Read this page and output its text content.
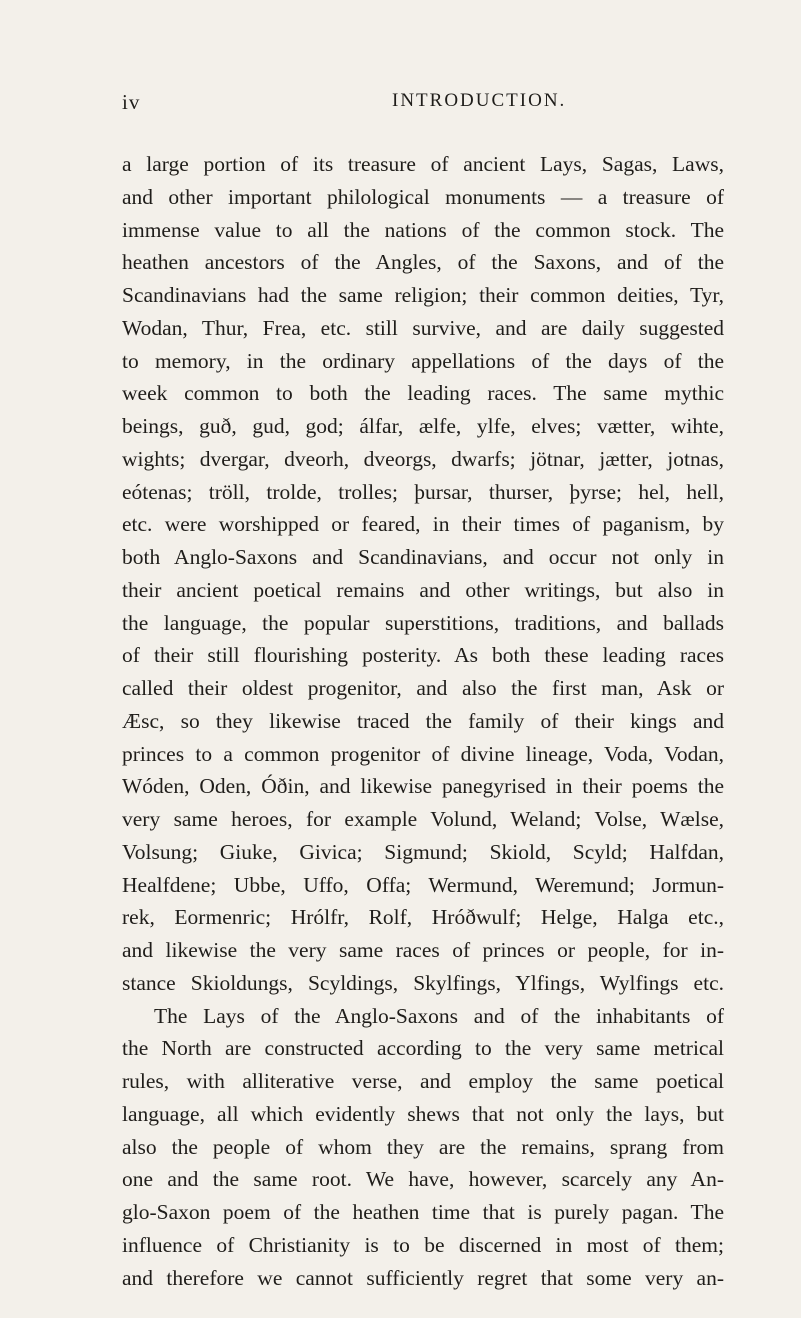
iv	INTRODUCTION.
a large portion of its treasure of ancient Lays, Sagas, Laws,
and other important philological monuments — a treasure of
immense value to all the nations of the common stock. The
heathen ancestors of the Angles, of the Saxons, and of the
Scandinavians had the same religion; their common deities, Tyr,
Wodan, Thur, Frea, etc. still survive, and are daily suggested
to memory, in the ordinary appellations of the days of the
week common to both the leading races. The same mythic
beings, guð, gud, god; álfar, ælfe, ylfe, elves; vætter, wihte,
wights; dvergar, dveorh, dveorgs, dwarfs; jötnar, jætter, jotnas,
eótenas; tröll, trolde, trolles; þursar, thurser, þyrse; hel, hell,
etc. were worshipped or feared, in their times of paganism, by
both Anglo-Saxons and Scandinavians, and occur not only in
their ancient poetical remains and other writings, but also in
the language, the popular superstitions, traditions, and ballads
of their still flourishing posterity. As both these leading races
called their oldest progenitor, and also the first man, Ask or
Æsc, so they likewise traced the family of their kings and
princes to a common progenitor of divine lineage, Voda, Vodan,
Wóden, Oden, Óðin, and likewise panegyrised in their poems the
very same heroes, for example Volund, Weland; Volse, Wælse,
Volsung; Giuke, Givica; Sigmund; Skiold, Scyld; Halfdan,
Healfdene; Ubbe, Uffo, Offa; Wermund, Weremund; Jormun-
rek, Eormenric; Hrólfr, Rolf, Hróðwulf; Helge, Halga etc.,
and likewise the very same races of princes or people, for in-
stance Skioldungs, Scyldings, Skylfings, Ylfings, Wylfings etc.
The Lays of the Anglo-Saxons and of the inhabitants of
the North are constructed according to the very same metrical
rules, with alliterative verse, and employ the same poetical
language, all which evidently shews that not only the lays, but
also the people of whom they are the remains, sprang from
one and the same root. We have, however, scarcely any An-
glo-Saxon poem of the heathen time that is purely pagan. The
influence of Christianity is to be discerned in most of them;
and therefore we cannot sufficiently regret that some very an-
